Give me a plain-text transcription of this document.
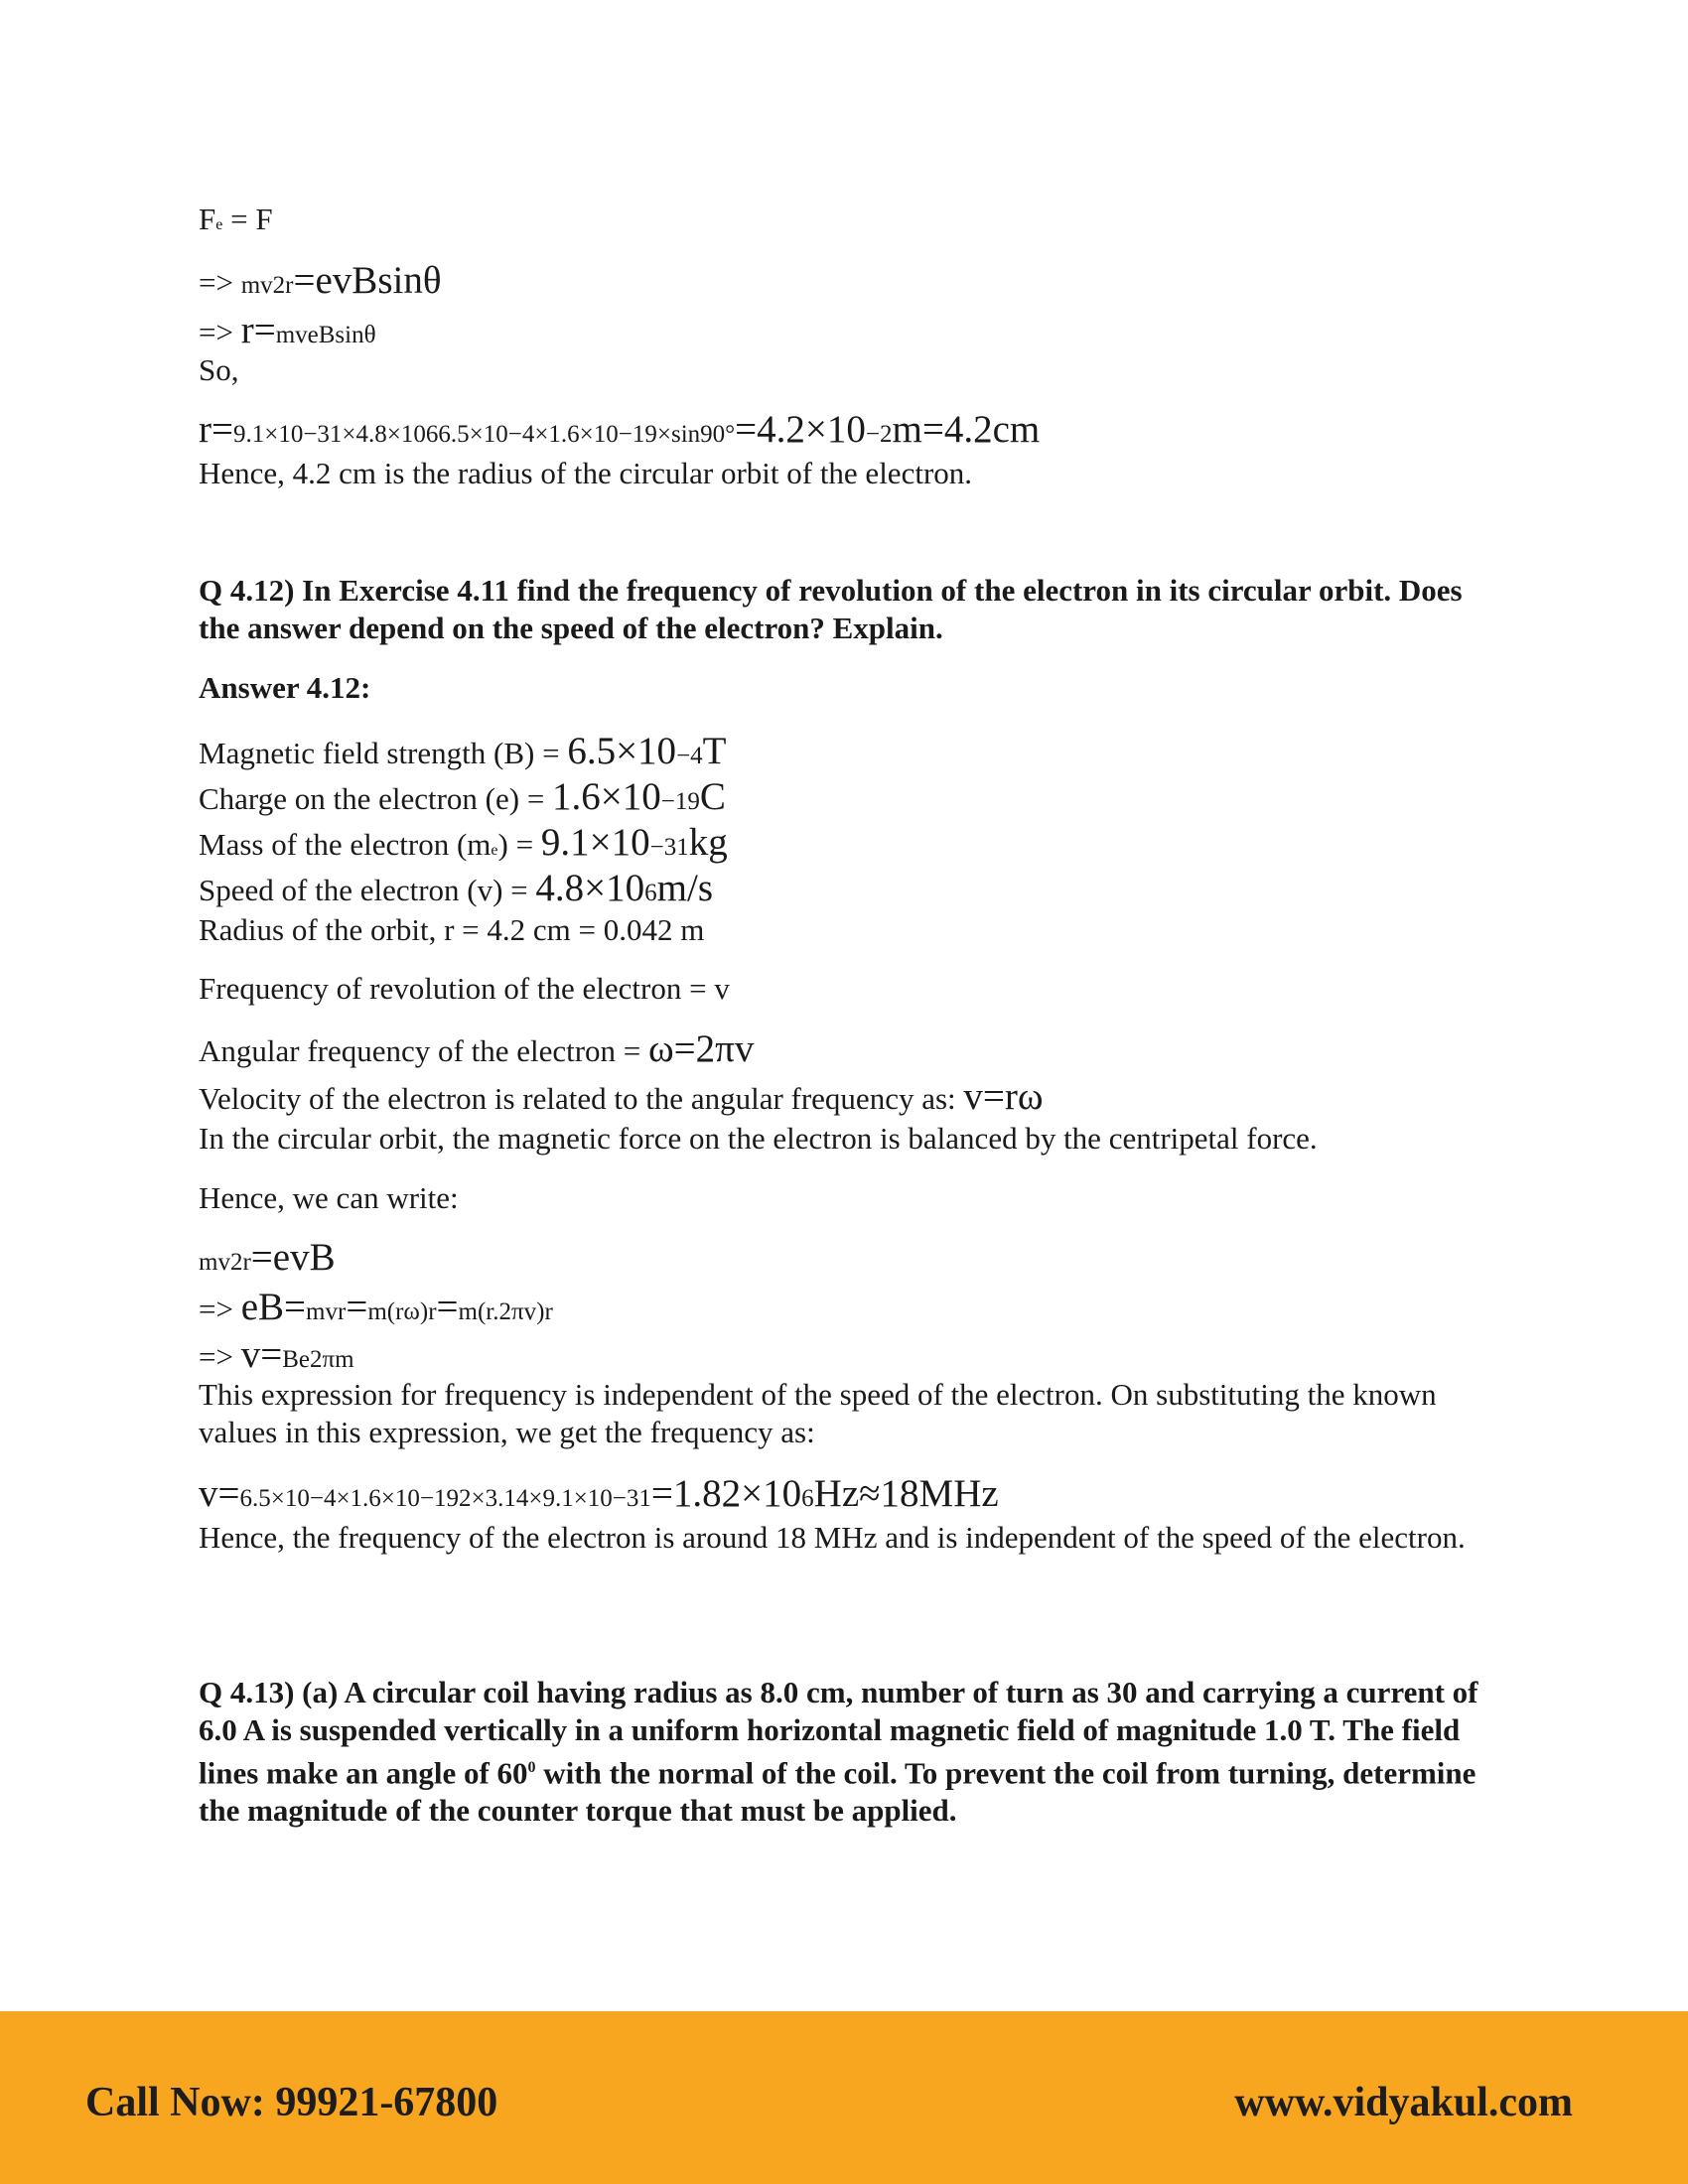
Fe = F

=> mv2r=evBsinθ

=> r=mveBsinθ

So,

r=9.1×10−31×4.8×1066.5×10−4×1.6×10−19×sin90°=4.2×10−2m=4.2cm

Hence, 4.2 cm is the radius of the circular orbit of the electron.

Q 4.12) In Exercise 4.11 find the frequency of revolution of the electron in its circular orbit. Does the answer depend on the speed of the electron? Explain.

Answer 4.12:

Magnetic field strength (B) = 6.5×10−4T

Charge on the electron (e) = 1.6×10−19C

Mass of the electron (me) = 9.1×10−31kg

Speed of the electron (v) = 4.8×106m/s

Radius of the orbit, r = 4.2 cm = 0.042 m

Frequency of revolution of the electron = v

Angular frequency of the electron = ω=2πv

Velocity of the electron is related to the angular frequency as: v=rω

In the circular orbit, the magnetic force on the electron is balanced by the centripetal force.

Hence, we can write:

mv2r=evB

=> eB=mvr=m(rω)r=m(r.2πv)r

=> v=Be2πm

This expression for frequency is independent of the speed of the electron. On substituting the known values in this expression, we get the frequency as:

v=6.5×10−4×1.6×10−192×3.14×9.1×10−31=1.82×106Hz≈18MHz

Hence, the frequency of the electron is around 18 MHz and is independent of the speed of the electron.

Q 4.13) (a) A circular coil having radius as 8.0 cm, number of turn as 30 and carrying a current of 6.0 A is suspended vertically in a uniform horizontal magnetic field of magnitude 1.0 T. The field lines make an angle of $60^0$ with the normal of the coil. To prevent the coil from turning, determine the magnitude of the counter torque that must be applied.

Call Now: 99921-67800	www.vidyakul.com
